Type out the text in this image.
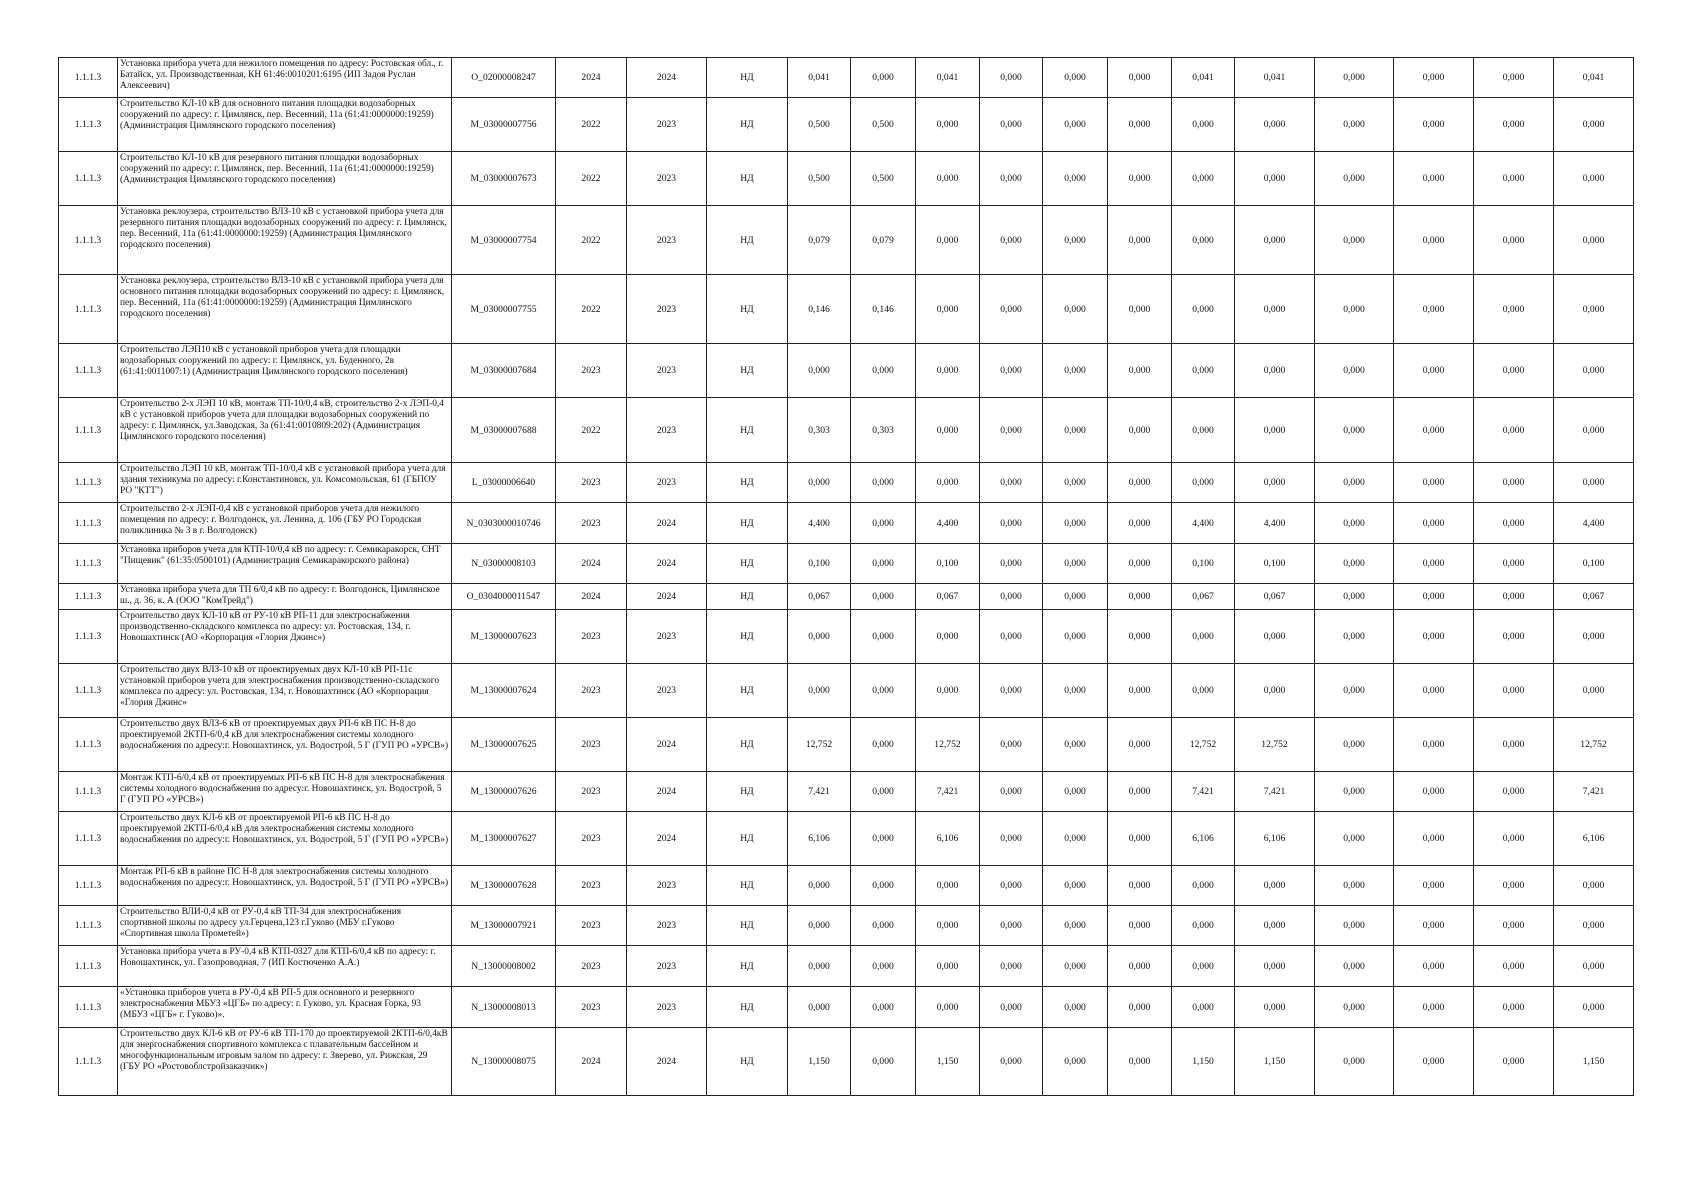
1.1.1.3	Установка прибора учета для нежилого помещения по адресу: Ростовская обл., г. Батайск, ул. Производственная, КН 61:46:0010201:6195 (ИП Задоя Руслан Алексеевич)	O_02000008247	2024	2024	НД	0,041	0,000	0,041	0,000	0,000	0,000	0,041	0,041	0,000	0,000	0,000	0,041
1.1.1.3	Строительство КЛ-10 кВ для основного питания площадки водозаборных сооружений по адресу: г. Цимлянск, пер. Весенний, 11а (61:41:0000000:19259) (Администрация Цимлянского городского поселения)	M_03000007756	2022	2023	НД	0,500	0,500	0,000	0,000	0,000	0,000	0,000	0,000	0,000	0,000	0,000	0,000
1.1.1.3	Строительство КЛ-10 кВ для резервного питания площадки водозаборных сооружений по адресу: г. Цимлянск, пер. Весенний, 11а (61:41:0000000:19259) (Администрация Цимлянского городского поселения)	M_03000007673	2022	2023	НД	0,500	0,500	0,000	0,000	0,000	0,000	0,000	0,000	0,000	0,000	0,000	0,000
1.1.1.3	Установка реклоузера, строительство ВЛЗ-10 кВ с установкой прибора учета для резервного питания площадки водозаборных сооружений по адресу: г. Цимлянск, пер. Весенний, 11а (61:41:0000000:19259) (Администрация Цимлянского городского поселения)	M_03000007754	2022	2023	НД	0,079	0,079	0,000	0,000	0,000	0,000	0,000	0,000	0,000	0,000	0,000	0,000
1.1.1.3	Установка реклоузера, строительство ВЛЗ-10 кВ с установкой прибора учета для основного питания площадки водозаборных сооружений по адресу: г. Цимлянск, пер. Весенний, 11а (61:41:0000000:19259) (Администрация Цимлянского городского поселения)	M_03000007755	2022	2023	НД	0,146	0,146	0,000	0,000	0,000	0,000	0,000	0,000	0,000	0,000	0,000	0,000
1.1.1.3	Строительство ЛЭП10 кВ с установкой приборов учета для площадки водозаборных сооружений по адресу: г. Цимлянск, ул. Буденного, 2в (61:41:0011007:1) (Администрация Цимлянского городского поселения)	M_03000007684	2023	2023	НД	0,000	0,000	0,000	0,000	0,000	0,000	0,000	0,000	0,000	0,000	0,000	0,000
1.1.1.3	Строительство 2-х ЛЭП 10 кВ, монтаж ТП-10/0,4 кВ, строительство 2-х ЛЭП-0,4 кВ с установкой приборов учета для площадки водозаборных сооружений по адресу: г. Цимлянск, ул.Заводская, 3а (61:41:0010809:202) (Администрация Цимлянского городского поселения)	M_03000007688	2022	2023	НД	0,303	0,303	0,000	0,000	0,000	0,000	0,000	0,000	0,000	0,000	0,000	0,000
1.1.1.3	Строительство ЛЭП 10 кВ, монтаж ТП-10/0,4 кВ с установкой прибора учета для здания техникума по адресу: г.Константиновск, ул. Комсомольская, 61 (ГБПОУ РО "КТТ")	L_03000006640	2023	2023	НД	0,000	0,000	0,000	0,000	0,000	0,000	0,000	0,000	0,000	0,000	0,000	0,000
1.1.1.3	Строительство 2-х ЛЭП-0,4 кВ с установкой приборов учета для нежилого помещения по адресу: г. Волгодонск, ул. Ленина, д. 106 (ГБУ РО Городская поликлиника № 3 в г. Волгодонск)	N_0303000010746	2023	2024	НД	4,400	0,000	4,400	0,000	0,000	0,000	4,400	4,400	0,000	0,000	0,000	4,400
1.1.1.3	Установка приборов учета для КТП-10/0,4 кВ по адресу: г. Семикаракорск, СНТ "Пищевик" (61:35:0500101) (Администрация Семикаракорского района)	N_03000008103	2024	2024	НД	0,100	0,000	0,100	0,000	0,000	0,000	0,100	0,100	0,000	0,000	0,000	0,100
1.1.1.3	Установка прибора учета для ТП 6/0,4 кВ по адресу: г. Волгодонск, Цимлянское ш., д. 36, к. А (ООО "КомТрейд")	O_0304000011547	2024	2024	НД	0,067	0,000	0,067	0,000	0,000	0,000	0,067	0,067	0,000	0,000	0,000	0,067
1.1.1.3	Строительство двух КЛ-10 кВ от РУ-10 кВ РП-11 для электроснабжения производственно-складского комплекса по адресу: ул. Ростовская, 134, г. Новошахтинск (АО «Корпорация «Глория Джинс»)	M_13000007623	2023	2023	НД	0,000	0,000	0,000	0,000	0,000	0,000	0,000	0,000	0,000	0,000	0,000	0,000
1.1.1.3	Строительство двух ВЛЗ-10 кВ от проектируемых двух КЛ-10 кВ РП-11с установкой приборов учета для электроснабжения производственно-складского комплекса по адресу: ул. Ростовская, 134, г. Новошахтинск (АО «Корпорация «Глория Джинс»	M_13000007624	2023	2023	НД	0,000	0,000	0,000	0,000	0,000	0,000	0,000	0,000	0,000	0,000	0,000	0,000
1.1.1.3	Строительство двух ВЛЗ-6 кВ от проектируемых двух РП-6 кВ ПС Н-8 до проектируемой 2КТП-6/0,4 кВ для электроснабжения системы холодного водоснабжения по адресу:г. Новошахтинск, ул. Водострой, 5 Г (ГУП РО «УРСВ»)	M_13000007625	2023	2024	НД	12,752	0,000	12,752	0,000	0,000	0,000	12,752	12,752	0,000	0,000	0,000	12,752
1.1.1.3	Монтаж КТП-6/0,4 кВ от проектируемых РП-6 кВ ПС Н-8 для электроснабжения системы холодного водоснабжения по адресу:г. Новошахтинск, ул. Водострой, 5 Г (ГУП РО «УРСВ»)	M_13000007626	2023	2024	НД	7,421	0,000	7,421	0,000	0,000	0,000	7,421	7,421	0,000	0,000	0,000	7,421
1.1.1.3	Строительство двух КЛ-6 кВ от проектируемой РП-6 кВ ПС Н-8 до проектируемой 2КТП-6/0,4 кВ для электроснабжения системы холодного водоснабжения по адресу:г. Новошахтинск, ул. Водострой, 5 Г (ГУП РО «УРСВ»)	M_13000007627	2023	2024	НД	6,106	0,000	6,106	0,000	0,000	0,000	6,106	6,106	0,000	0,000	0,000	6,106
1.1.1.3	Монтаж РП-6 кВ в районе ПС Н-8 для электроснабжения системы холодного водоснабжения по адресу:г. Новошахтинск, ул. Водострой, 5 Г (ГУП РО «УРСВ»)	M_13000007628	2023	2023	НД	0,000	0,000	0,000	0,000	0,000	0,000	0,000	0,000	0,000	0,000	0,000	0,000
1.1.1.3	Строительство ВЛИ-0,4 кВ от РУ-0,4 кВ ТП-34 для электроснабжения спортивной школы по адресу ул.Герцена,123 г.Гуково (МБУ г.Гуково «Спортивная школа Прометей»)	M_13000007921	2023	2023	НД	0,000	0,000	0,000	0,000	0,000	0,000	0,000	0,000	0,000	0,000	0,000	0,000
1.1.1.3	Установка прибора учета в РУ-0,4 кВ КТП-0327 для КТП-6/0,4 кВ по адресу: г. Новошахтинск, ул. Газопроводная, 7 (ИП Костюченко А.А.)	N_13000008002	2023	2023	НД	0,000	0,000	0,000	0,000	0,000	0,000	0,000	0,000	0,000	0,000	0,000	0,000
1.1.1.3	«Установка приборов учета в РУ-0,4 кВ РП-5 для основного и резервного электроснабжения МБУЗ «ЦГБ» по адресу: г. Гуково, ул. Красная Горка, 93 (МБУЗ «ЦГБ» г. Гуково)».	N_13000008013	2023	2023	НД	0,000	0,000	0,000	0,000	0,000	0,000	0,000	0,000	0,000	0,000	0,000	0,000
1.1.1.3	Строительство двух КЛ-6 кВ от РУ-6 кВ ТП-170 до проектируемой 2КТП-6/0,4кВ для энергоснабжения спортивного комплекса с плавательным бассейном и многофункциональным игровым залом по адресу: г. Зверево, ул. Рижская, 29 (ГБУ РО «Ростовоблстройзаказчик»)	N_13000008075	2024	2024	НД	1,150	0,000	1,150	0,000	0,000	0,000	1,150	1,150	0,000	0,000	0,000	1,150
